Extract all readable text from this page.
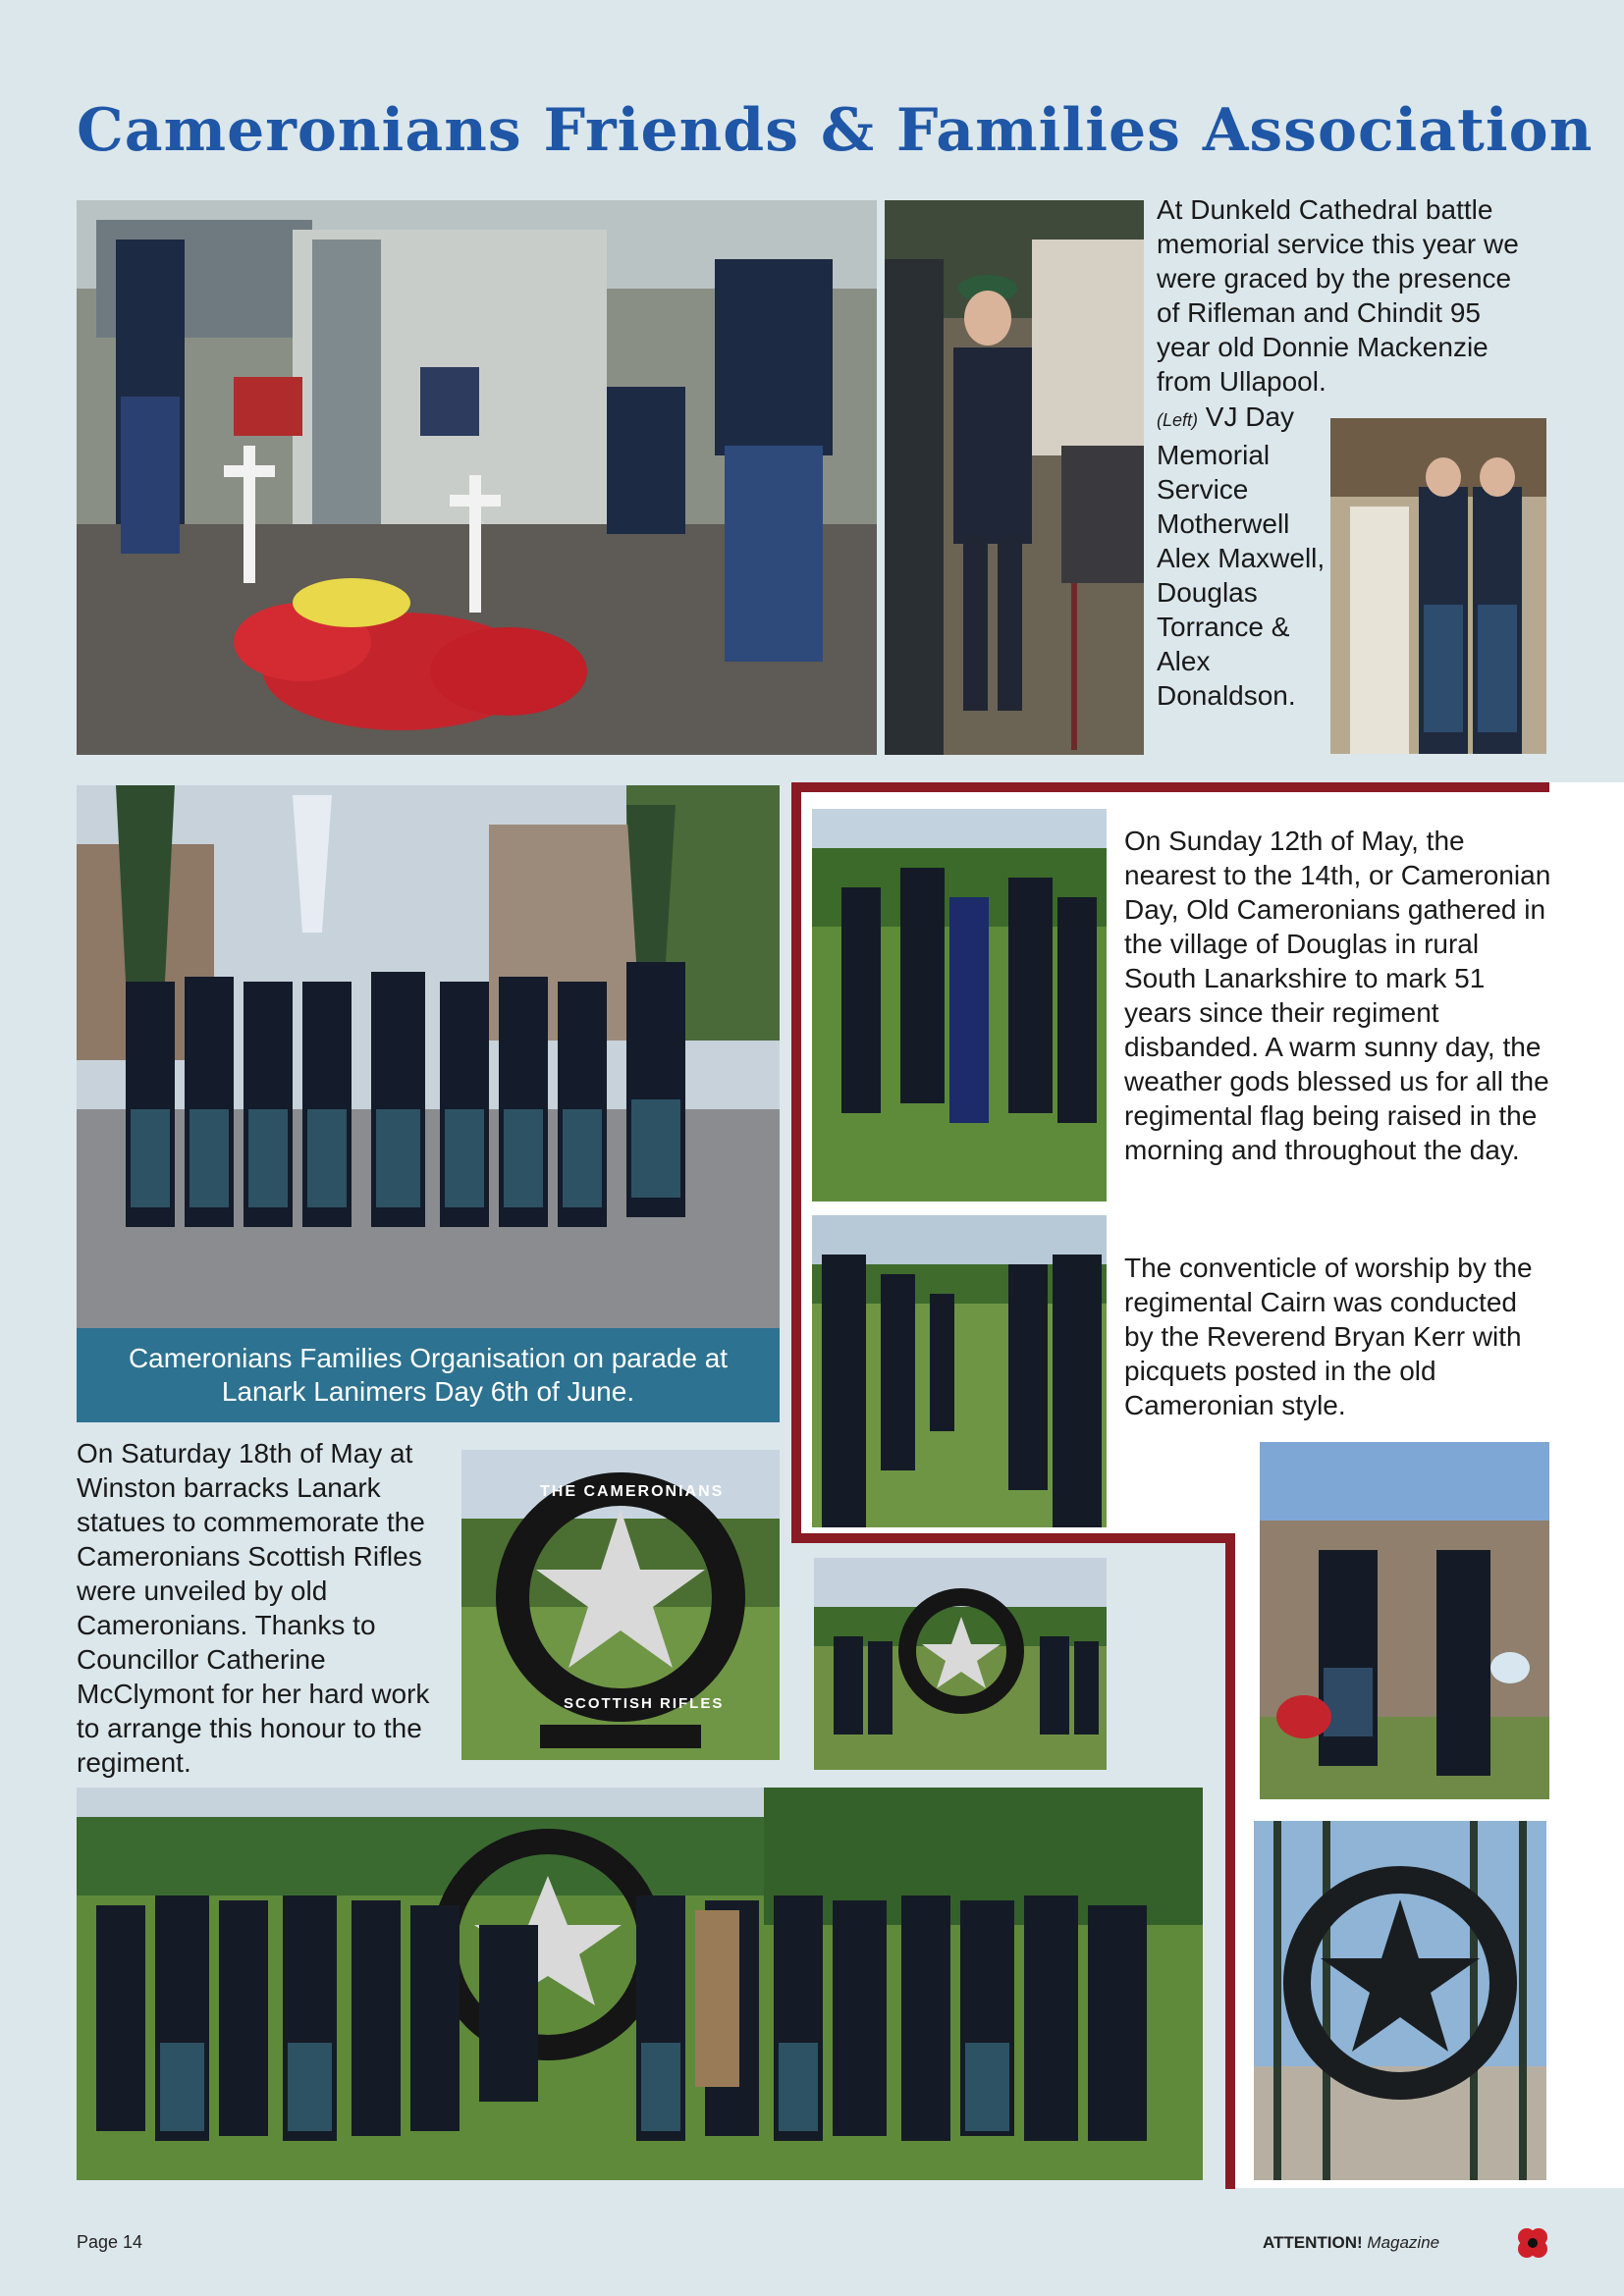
Cameronians Friends & Families Association
At Dunkeld Cathedral battle memorial service this year we were graced by the presence of Rifleman and Chindit 95 year old Donnie Mackenzie from Ullapool.
(Left) VJ Day Memorial Service Motherwell Alex Maxwell, Douglas Torrance & Alex Donaldson.
Cameronians Families Organisation on parade at Lanark Lanimers Day 6th of June.
On Sunday 12th of May, the nearest to the 14th, or Cameronian Day, Old Cameronians gathered in the village of Douglas in rural South Lanarkshire to mark 51 years since their regiment disbanded. A warm sunny day, the weather gods blessed us for all the regimental flag being raised in the morning and throughout the day.
The conventicle of worship by the regimental Cairn was conducted by the Reverend Bryan Kerr with picquets posted in the old Cameronian style.
On Saturday 18th of May at Winston barracks Lanark statues to commemorate the Cameronians Scottish Rifles were unveiled by old Cameronians. Thanks to Councillor Catherine McClymont for her hard work to arrange this honour to the regiment.
THE CAMERONIANS
SCOTTISH RIFLES
Page 14	ATTENTION! Magazine
